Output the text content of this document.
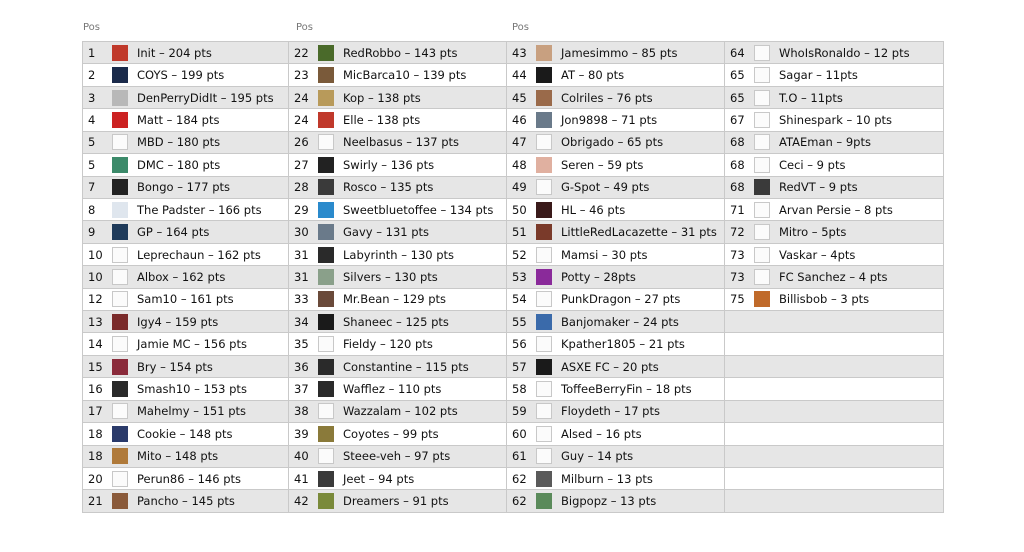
Pos	Pos	Pos
1 Init – 204 pts	22 RedRobbo – 143 pts	43 Jamesimmo – 85 pts	64 WhoIsRonaldo – 12 pts

2 COYS – 199 pts	23 MicBarca10 – 139 pts	44 AT – 80 pts	65 Sagar – 11pts

3 DenPerryDidIt – 195 pts	24 Kop – 138 pts	45 Colriles – 76 pts	65 T.O – 11pts

4 Matt – 184 pts	24 Elle – 138 pts	46 Jon9898 – 71 pts	67 Shinespark – 10 pts

5 MBD – 180 pts	26 Neelbasus – 137 pts	47 Obrigado – 65 pts	68 ATAEman – 9pts

5 DMC – 180 pts	27 Swirly – 136 pts	48 Seren – 59 pts	68 Ceci – 9 pts

7 Bongo – 177 pts	28 Rosco – 135 pts	49 G-Spot – 49 pts	68 RedVT – 9 pts

8 The Padster – 166 pts	29 Sweetbluetoffee – 134 pts	50 HL – 46 pts	71 Arvan Persie – 8 pts

9 GP – 164 pts	30 Gavy – 131 pts	51 LittleRedLacazette – 31 pts	72 Mitro – 5pts

10 Leprechaun – 162 pts	31 Labyrinth – 130 pts	52 Mamsi – 30 pts	73 Vaskar – 4pts

10 Albox – 162 pts	31 Silvers – 130 pts	53 Potty – 28pts	73 FC Sanchez – 4 pts

12 Sam10 – 161 pts	33 Mr.Bean – 129 pts	54 PunkDragon – 27 pts	75 Billisbob – 3 pts

13 Igy4 – 159 pts	34 Shaneec – 125 pts	55 Banjomaker – 24 pts	

14 Jamie MC – 156 pts	35 Fieldy – 120 pts	56 Kpather1805 – 21 pts	

15 Bry – 154 pts	36 Constantine – 115 pts	57 ASXE FC – 20 pts	

16 Smash10 – 153 pts	37 Wafflez – 110 pts	58 ToffeeBerryFin – 18 pts	

17 Mahelmy – 151 pts	38 Wazzalam – 102 pts	59 Floydeth – 17 pts	

18 Cookie – 148 pts	39 Coyotes – 99 pts	60 Alsed – 16 pts	

18 Mito – 148 pts	40 Steee-veh – 97 pts	61 Guy – 14 pts	

20 Perun86 – 146 pts	41 Jeet – 94 pts	62 Milburn – 13 pts	

21 Pancho – 145 pts	42 Dreamers – 91 pts	62 Bigpopz – 13 pts	
